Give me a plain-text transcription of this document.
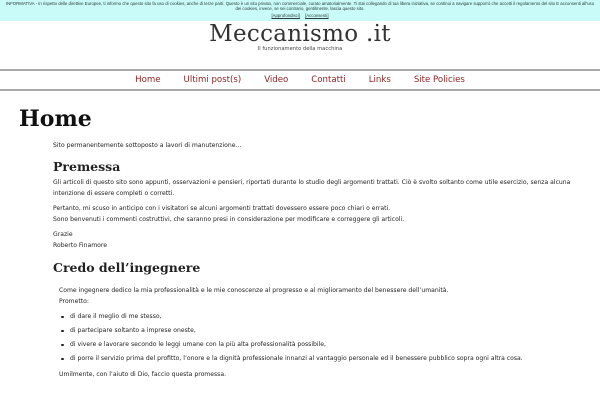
INFORMATIVA - In rispetto delle direttive Europee, ti informo che questo sito fa uso di cookies, anche di terze parti. Questo è un sito privato, non commerciale, curato amatorialmente. Ti stai collegando di tua libera iniziativa, se continui a navigare supporrò che accetti il regolamento del sito E acconsenti all'uso dei cookies, invece, se sei contrario, gentilmente, lascia questo sito.
[Approfondisci] [Acconsenti]
Meccanismo .it
Il funzionamento della macchina
Home	Ultimi post(s)	Video	Contatti	Links	Site Policies
Home

Sito permanentemente sottoposto a lavori di manutenzione…

Premessa

Gli articoli di questo sito sono appunti, osservazioni e pensieri, riportati durante lo studio degli argomenti trattati. Ciò è svolto soltanto come utile esercizio, senza alcuna intenzione di essere completi o corretti.

Pertanto, mi scuso in anticipo con i visitatori se alcuni argomenti trattati dovessero essere poco chiari o errati.

Sono benvenuti i commenti costruttivi, che saranno presi in considerazione per modificare e correggere gli articoli.

Grazie

Roberto Finamore

Credo dell’ingegnere

Come ingegnere dedico la mia professionalità e le mie conoscenze al progresso e al miglioramento del benessere dell’umanità.

Prometto:

di dare il meglio di me stesso,
di partecipare soltanto a imprese oneste,
di vivere e lavorare secondo le leggi umane con la più alta professionalità possibile,
di porre il servizio prima del profitto, l’onore e la dignità professionale innanzi al vantaggio personale ed il benessere pubblico sopra ogni altra cosa.

Umilmente, con l’aiuto di Dio, faccio questa promessa.
